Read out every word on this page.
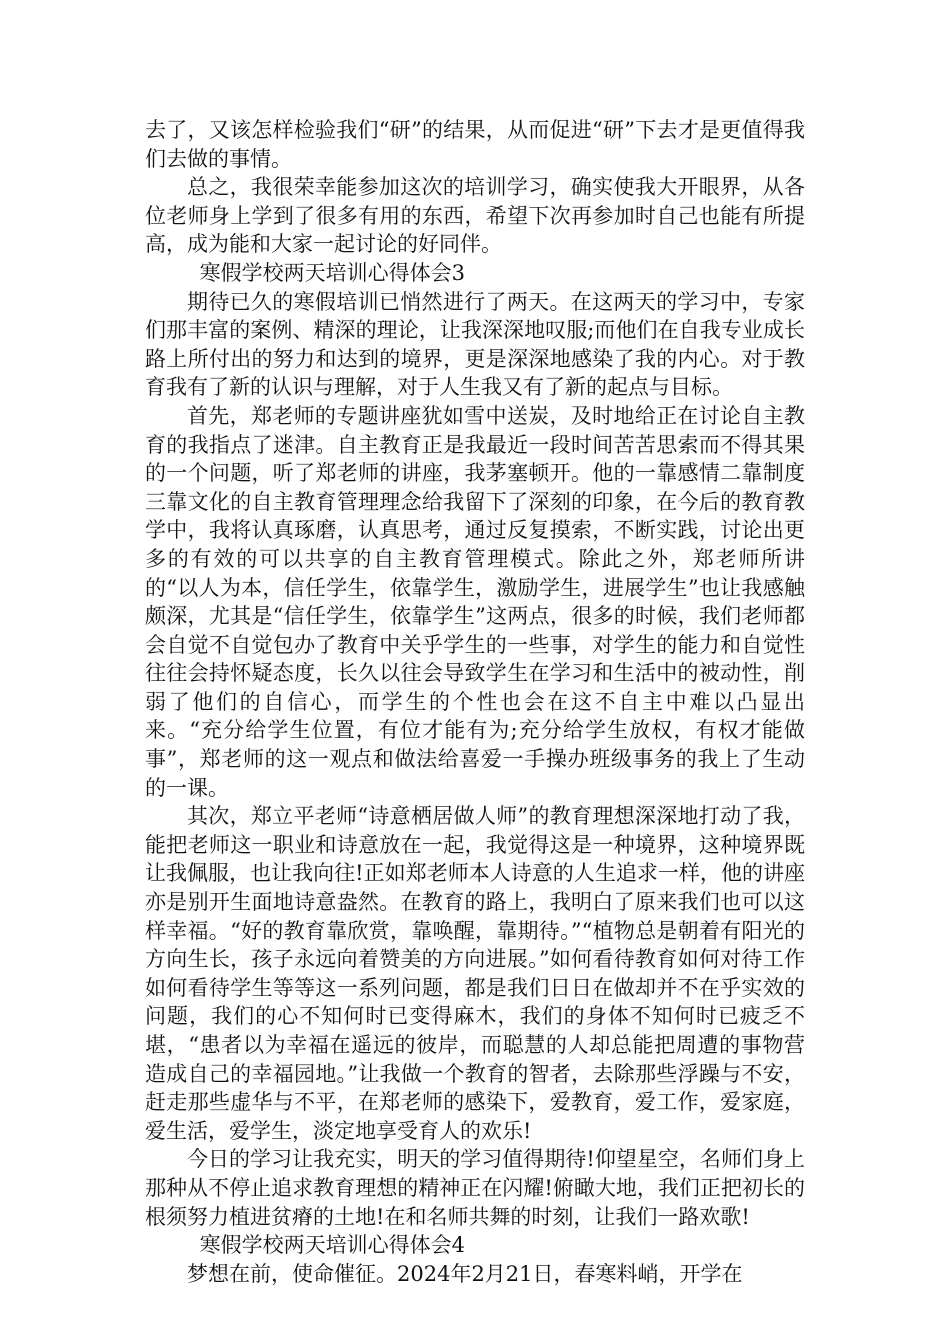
去了，又该怎样检验我们“研”的结果，从而促进“研”下去才是更值得我们去做的事情。

总之，我很荣幸能参加这次的培训学习，确实使我大开眼界，从各位老师身上学到了很多有用的东西，希望下次再参加时自己也能有所提高，成为能和大家一起讨论的好同伴。

寒假学校两天培训心得体会3

期待已久的寒假培训已悄然进行了两天。在这两天的学习中，专家们那丰富的案例、精深的理论，让我深深地叹服;而他们在自我专业成长路上所付出的努力和达到的境界，更是深深地感染了我的内心。对于教育我有了新的认识与理解，对于人生我又有了新的起点与目标。

首先，郑老师的专题讲座犹如雪中送炭，及时地给正在讨论自主教育的我指点了迷津。自主教育正是我最近一段时间苦苦思索而不得其果的一个问题，听了郑老师的讲座，我茅塞顿开。他的一靠感情二靠制度三靠文化的自主教育管理理念给我留下了深刻的印象，在今后的教育教学中，我将认真琢磨，认真思考，通过反复摸索，不断实践，讨论出更多的有效的可以共享的自主教育管理模式。除此之外，郑老师所讲的“以人为本，信任学生，依靠学生，激励学生，进展学生”也让我感触颇深，尤其是“信任学生，依靠学生”这两点，很多的时候，我们老师都会自觉不自觉包办了教育中关乎学生的一些事，对学生的能力和自觉性往往会持怀疑态度，长久以往会导致学生在学习和生活中的被动性，削弱了他们的自信心，而学生的个性也会在这不自主中难以凸显出来。“充分给学生位置，有位才能有为;充分给学生放权，有权才能做事”，郑老师的这一观点和做法给喜爱一手操办班级事务的我上了生动的一课。

其次，郑立平老师“诗意栖居做人师”的教育理想深深地打动了我，能把老师这一职业和诗意放在一起，我觉得这是一种境界，这种境界既让我佩服，也让我向往!正如郑老师本人诗意的人生追求一样，他的讲座亦是别开生面地诗意盎然。在教育的路上，我明白了原来我们也可以这样幸福。“好的教育靠欣赏，靠唤醒，靠期待。”“植物总是朝着有阳光的方向生长，孩子永远向着赞美的方向进展。”如何看待教育如何对待工作如何看待学生等等这一系列问题，都是我们日日在做却并不在乎实效的问题，我们的心不知何时已变得麻木，我们的身体不知何时已疲乏不堪，“患者以为幸福在遥远的彼岸，而聪慧的人却总能把周遭的事物营造成自己的幸福园地。”让我做一个教育的智者，去除那些浮躁与不安，赶走那些虚华与不平，在郑老师的感染下，爱教育，爱工作，爱家庭，爱生活，爱学生，淡定地享受育人的欢乐!

今日的学习让我充实，明天的学习值得期待!仰望星空，名师们身上那种从不停止追求教育理想的精神正在闪耀!俯瞰大地，我们正把初长的根须努力植进贫瘠的土地!在和名师共舞的时刻，让我们一路欢歌!

寒假学校两天培训心得体会4

梦想在前，使命催征。2024年2月21日，春寒料峭，开学在
